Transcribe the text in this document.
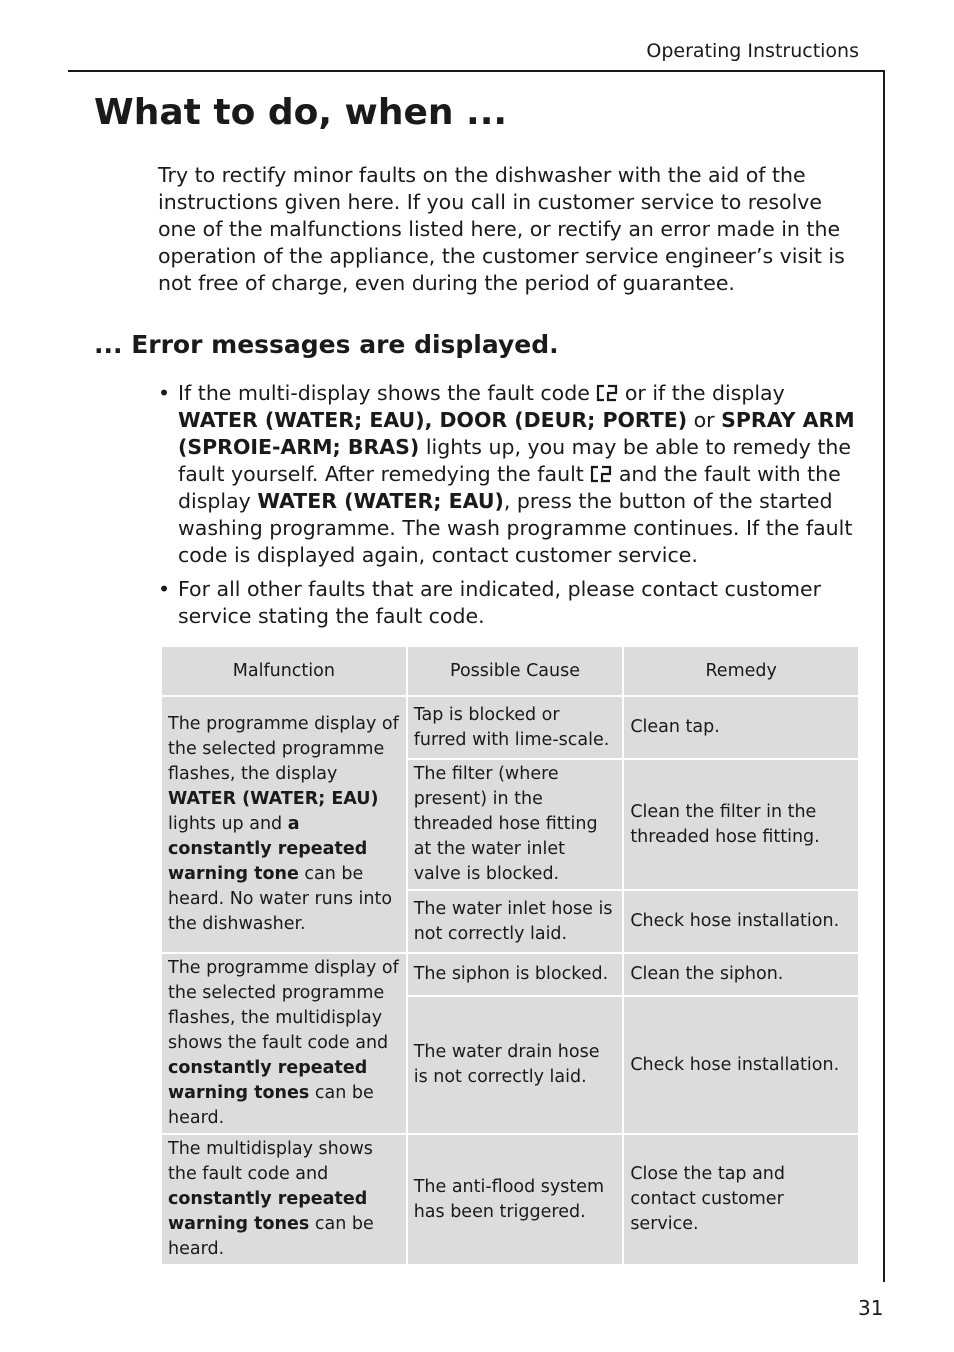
Operating Instructions
What to do, when ...

Try to rectify minor faults on the dishwasher with the aid of the instructions given here. If you call in customer service to resolve one of the malfunctions listed here, or rectify an error made in the operation of the appliance, the customer service engineer’s visit is not free of charge, even during the period of guarantee.

... Error messages are displayed.
• If the multi-display shows the fault code  or if the display WATER (WATER; EAU), DOOR (DEUR; PORTE) or SPRAY ARM (SPROIE-ARM; BRAS) lights up, you may be able to remedy the fault yourself. After remedying the fault  and the fault with the display WATER (WATER; EAU), press the button of the started washing programme. The wash programme continues. If the fault code is displayed again, contact customer service.
• For all other faults that are indicated, please contact customer service stating the fault code.
Malfunction	Possible Cause	Remedy
The programme display of the selected programme flashes, the display WATER (WATER; EAU) lights up and a constantly repeated warning tone can be heard. No water runs into the dishwasher.	Tap is blocked or furred with lime-scale.	Clean tap.
	The filter (where present) in the threaded hose fitting at the water inlet valve is blocked.	Clean the filter in the threaded hose fitting.
	The water inlet hose is not correctly laid.	Check hose installation.
The programme display of the selected programme flashes, the multidisplay shows the fault code and constantly repeated warning tones can be heard.	The siphon is blocked.	Clean the siphon.
	The water drain hose is not correctly laid.	Check hose installation.
The multidisplay shows the fault code and constantly repeated warning tones can be heard.	The anti-flood system has been triggered.	Close the tap and contact customer service.
31
